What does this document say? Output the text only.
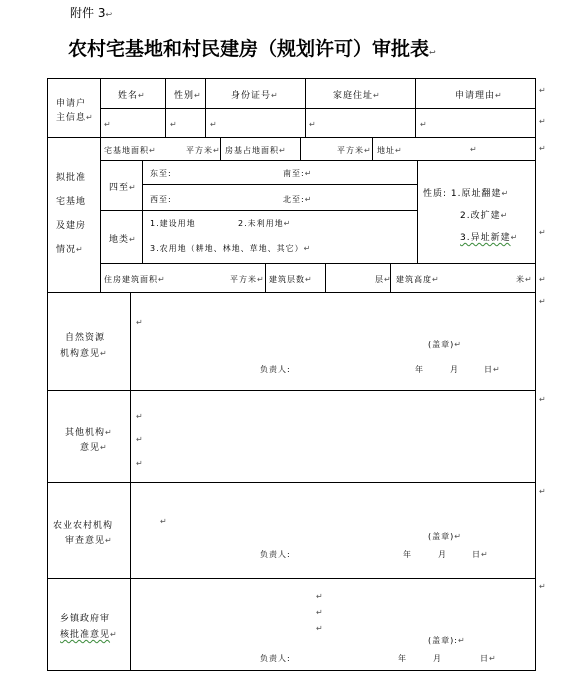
附件 3↩
农村宅基地和村民建房（规划许可）审批表↩
↵
↵
↵
↵
↵
↵
↵
↵
↵
申请户
主信息↵
姓名↵	性别↵	身份证号↵	家庭住址↵	申请理由↵
↵	↵	↵	↵	↵
拟批准
宅基地
及建房
情况↵
宅基地面积↵	平方米↵ 房基占地面积↵	平方米↵ 地址↵	↵
四至↵
东至:	南至:↵
西至:	北至:↵
地类↵
1.建设用地	2.未利用地↵
3.农用地（耕地、林地、草地、其它）↵
性质: 1.原址翻建↵
2.改扩建↵
3.异址新建↵
住房建筑面积↵	平方米↵ 建筑层数↵	层↵ 建筑高度↵	米↵
自然资源
机构意见↵
↵
(盖章)↵
负责人:	年	月	日↵
其他机构↵
意见↵
↵
↵
↵
农业农村机构
审查意见↵
↵
(盖章)↵
负责人:	年	月	日↵
乡镇政府审
核批准意见↵
↵
↵
↵
(盖章):↵
负责人:	年	月	日↵
